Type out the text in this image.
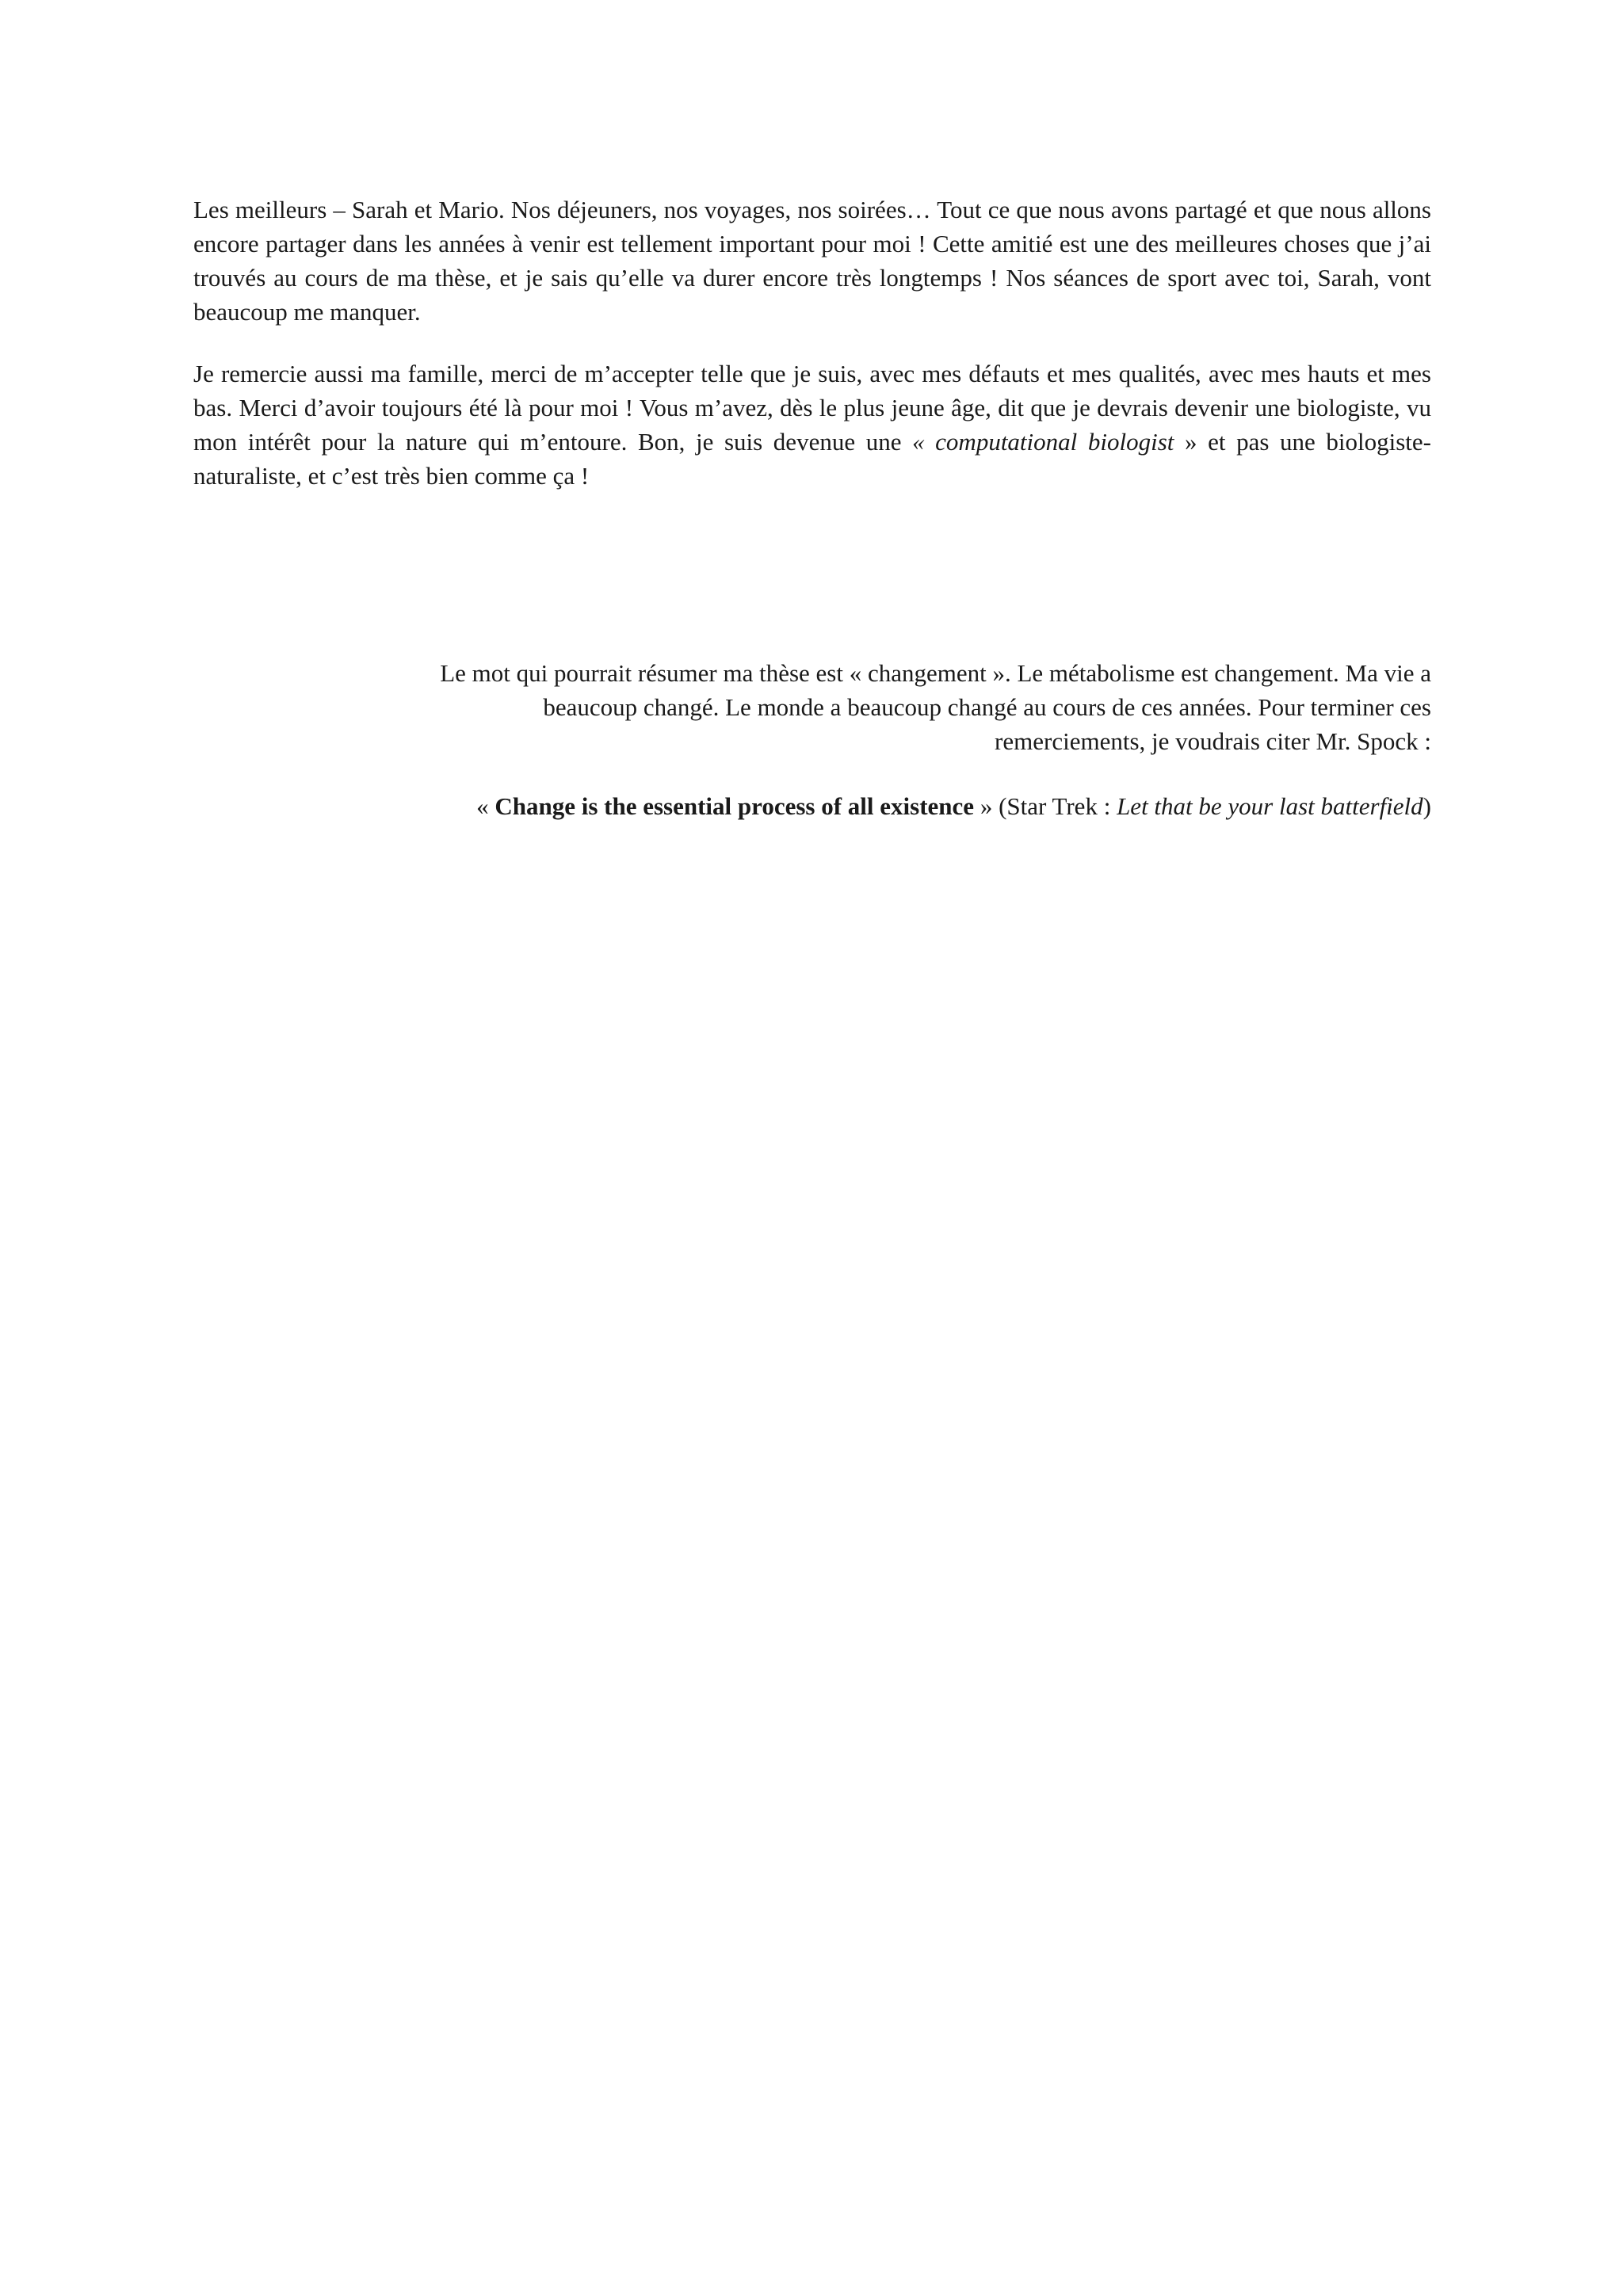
Les meilleurs – Sarah et Mario. Nos déjeuners, nos voyages, nos soirées… Tout ce que nous avons partagé et que nous allons encore partager dans les années à venir est tellement important pour moi ! Cette amitié est une des meilleures choses que j’ai trouvés au cours de ma thèse, et je sais qu’elle va durer encore très longtemps ! Nos séances de sport avec toi, Sarah, vont beaucoup me manquer.

Je remercie aussi ma famille, merci de m’accepter telle que je suis, avec mes défauts et mes qualités, avec mes hauts et mes bas. Merci d’avoir toujours été là pour moi ! Vous m’avez, dès le plus jeune âge, dit que je devrais devenir une biologiste, vu mon intérêt pour la nature qui m’entoure. Bon, je suis devenue une « computational biologist » et pas une biologiste-naturaliste, et c’est très bien comme ça !

Le mot qui pourrait résumer ma thèse est « changement ». Le métabolisme est changement. Ma vie a
beaucoup changé. Le monde a beaucoup changé au cours de ces années. Pour terminer ces
remerciements, je voudrais citer Mr. Spock :

« Change is the essential process of all existence » (Star Trek : Let that be your last batterfield)
